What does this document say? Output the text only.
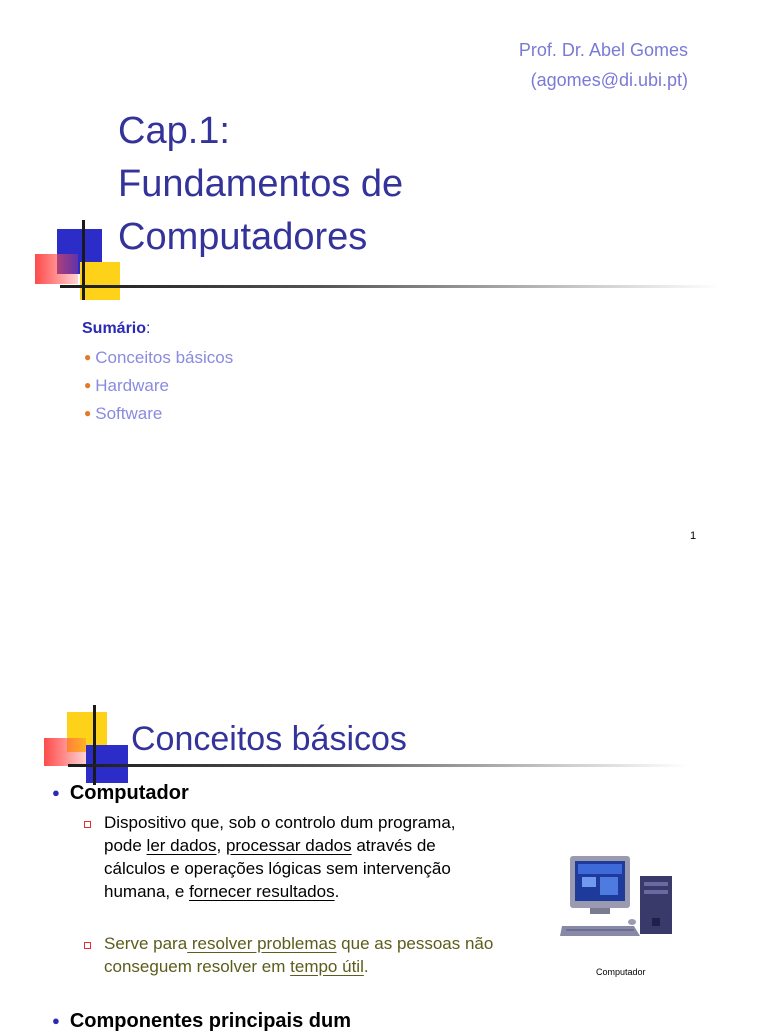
Prof. Dr. Abel Gomes
(agomes@di.ubi.pt)
Cap.1:
Fundamentos de
Computadores
Sumário:
● Conceitos básicos
● Hardware
● Software
1
Conceitos básicos
● Computador
Dispositivo que, sob o controlo dum programa, pode ler dados, processar dados através de cálculos e operações lógicas sem intervenção humana, e fornecer resultados.
Serve para resolver problemas que as pessoas não conseguem resolver em tempo útil.	Computador
● Componentes principais dum
